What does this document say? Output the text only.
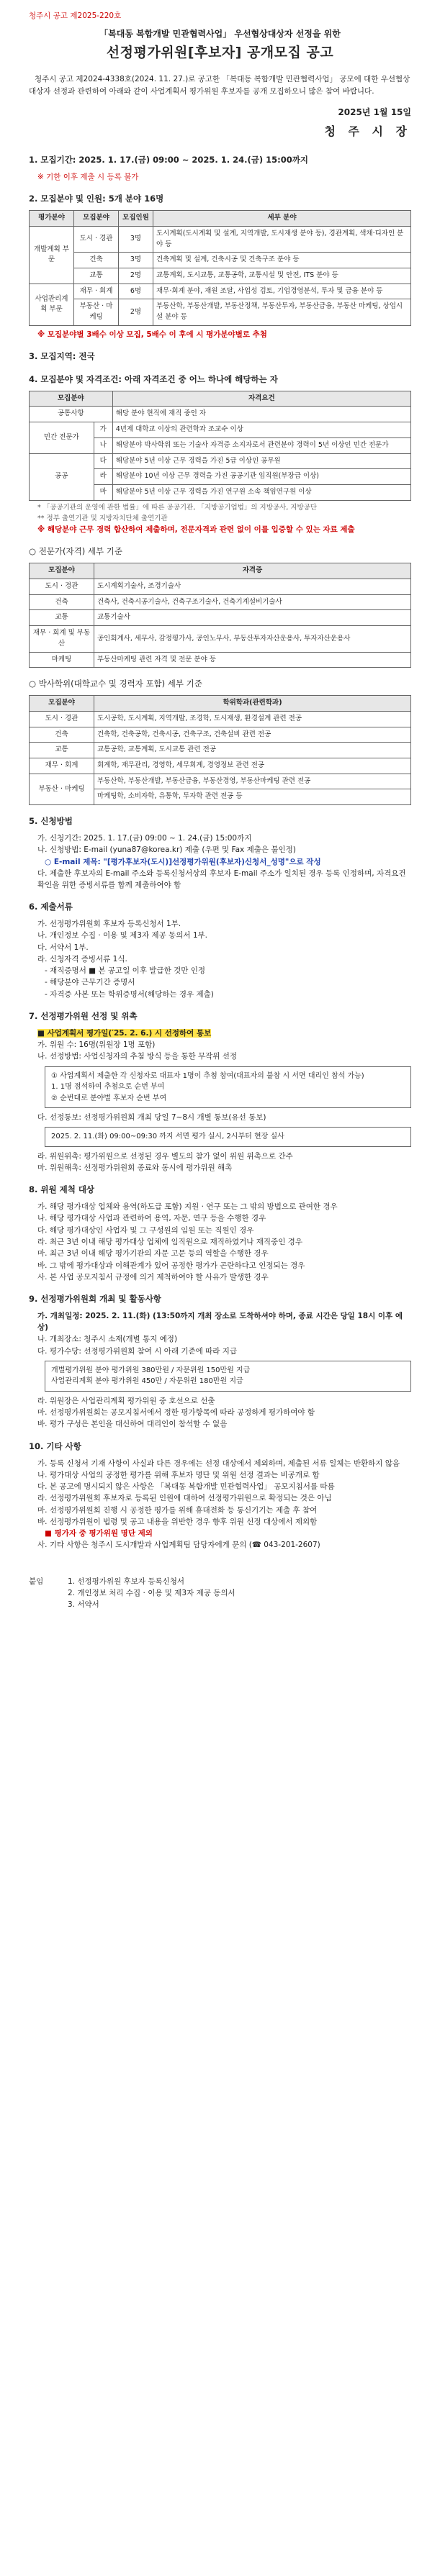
청주시 공고 제2025-220호
「복대동 복합개발 민관협력사업」 우선협상대상자 선정을 위한
선정평가위원[후보자] 공개모집 공고
청주시 공고 제2024-4338호(2024. 11. 27.)로 공고한 「복대동 복합개발 민관협력사업」 공모에 대한 우선협상대상자 선정과 관련하여 아래와 같이 사업계획서 평가위원 후보자를 공개 모집하오니 많은 참여 바랍니다.
2025년 1월 15일
청 주 시 장
1. 모집기간: 2025. 1. 17.(금) 09:00 ~ 2025. 1. 24.(금) 15:00까지
※ 기한 이후 제출 시 등록 불가
2. 모집분야 및 인원: 5개 분야 16명
평가분야	모집분야	모집인원	세부 분야
개발계획 부문	도시 · 경관	3명	도시계획(도시계획 및 설계, 지역개발, 도시재생 분야 등), 경관계획, 색채·디자인 분야 등
	건축	3명	건축계획 및 설계, 건축시공 및 건축구조 분야 등
	교통	2명	교통계획, 도시교통, 교통공학, 교통시설 및 안전, ITS 분야 등
사업관리계획 부문	재무 · 회계	6명	재무·회계 분야, 재원 조달, 사업성 검토, 기업경영분석, 투자 및 금융 분야 등
	부동산 · 마케팅	2명	부동산학, 부동산개발, 부동산정책, 부동산투자, 부동산금융, 부동산 마케팅, 상업시설 분야 등
※ 모집분야별 3배수 이상 모집, 5배수 이 후에 시 평가분야별로 추첨
3. 모집지역: 전국
4. 모집분야 및 자격조건: 아래 자격조건 중 어느 하나에 해당하는 자
모집분야		자격요건
공통사항		해당 분야 현직에 재직 중인 자
민간 전문가	가	4년제 대학교 이상의 관련학과 조교수 이상
	나	해당분야 박사학위 또는 기술사 자격증 소지자로서 관련분야 경력이 5년 이상인 민간 전문가
공공	다	해당분야 5년 이상 근무 경력을 가진 5급 이상인 공무원
	라	해당분야 10년 이상 근무 경력을 가진 공공기관 임직원(부장급 이상)
	마	해당분야 5년 이상 근무 경력을 가진 연구원 소속 책임연구원 이상
* 「공공기관의 운영에 관한 법률」에 따른 공공기관, 「지방공기업법」의 지방공사, 지방공단
** 정부 출연기관 및 지방자치단체 출연기관
※ 해당분야 근무 경력 합산하여 제출하며, 전문자격과 관련 없이 이를 입증할 수 있는 자료 제출
○ 전문가(자격) 세부 기준
모집분야	자격증
도시 · 경관	도시계획기술사, 조경기술사
건축	건축사, 건축시공기술사, 건축구조기술사, 건축기계설비기술사
교통	교통기술사
재무 · 회계 및 부동산	공인회계사, 세무사, 감정평가사, 공인노무사, 부동산투자자산운용사, 투자자산운용사
마케팅	부동산마케팅 관련 자격 및 전문 분야 등
○ 박사학위(대학교수 및 경력자 포함) 세부 기준
모집분야	학위학과(관련학과)
도시 · 경관	도시공학, 도시계획, 지역개발, 조경학, 도시재생, 환경설계 관련 전공
건축	건축학, 건축공학, 건축시공, 건축구조, 건축설비 관련 전공
교통	교통공학, 교통계획, 도시교통 관련 전공
재무 · 회계	회계학, 재무관리, 경영학, 세무회계, 경영정보 관련 전공
부동산 · 마케팅	부동산학, 부동산개발, 부동산금융, 부동산경영, 부동산마케팅 관련 전공
	마케팅학, 소비자학, 유통학, 투자학 관련 전공 등
5. 신청방법
가. 신청기간: 2025. 1. 17.(금) 09:00 ~ 1. 24.(금) 15:00까지
나. 신청방법: E-mail (yuna87@korea.kr) 제출 (우편 및 Fax 제출은 불인정)
○ E-mail 제목: "[평가후보자(도시)]선정평가위원(후보자)신청서_성명"으로 작성
다. 제출한 후보자의 E-mail 주소와 등록신청서상의 후보자 E-mail 주소가 일치된 경우 등록 인정하며, 자격요건 확인을 위한 증빙서류를 함께 제출하여야 함
6. 제출서류
가. 선정평가위원회 후보자 등록신청서 1부.
나. 개인정보 수집 · 이용 및 제3자 제공 동의서 1부.
다. 서약서 1부.
라. 신청자격 증빙서류 1식.
- 재직증명서 ■ 본 공고일 이후 발급한 것만 인정
- 해당분야 근무기간 증명서
- 자격증 사본 또는 학위증명서(해당하는 경우 제출)
7. 선정평가위원 선정 및 위촉
■ 사업계획서 평가일(′25. 2. 6.) 시 선정하여 통보
가. 위원 수: 16명(위원장 1명 포함)
나. 선정방법: 사업신청자의 추첨 방식 등을 통한 무작위 선정
① 사업계획서 제출한 각 신청자로 대표자 1명이 추첨 참여(대표자의 불참 시 서면 대리인 참석 가능)
1. 1명 점석하여 추첨으로 순번 부여
② 순번대로 분야별 후보자 순번 부여
다. 선정통보: 선정평가위원회 개최 당일 7~8시 개별 통보(유선 통보)
2025. 2. 11.(화) 09:00~09:30 까지 서면 평가 실시, 2시부터 현장 실사
라. 위원위촉: 평가위원으로 선정된 경우 별도의 참가 없이 위원 위촉으로 간주
마. 위원해촉: 선정평가위원회 종료와 동시에 평가위원 해촉
8. 위원 제척 대상
가. 해당 평가대상 업체와 용역(하도급 포함) 지원 · 연구 또는 그 밖의 방법으로 관여한 경우
나. 해당 평가대상 사업과 관련하여 용역, 자문, 연구 등을 수행한 경우
다. 해당 평가대상인 사업자 및 그 구성원의 임원 또는 직원인 경우
라. 최근 3년 이내 해당 평가대상 업체에 임직원으로 재직하였거나 재직중인 경우
마. 최근 3년 이내 해당 평가기관의 자문 고문 등의 역할을 수행한 경우
바. 그 밖에 평가대상과 이해관계가 있어 공정한 평가가 곤란하다고 인정되는 경우
사. 본 사업 공모지침서 규정에 의거 제척하여야 할 사유가 발생한 경우
9. 선정평가위원회 개최 및 활동사항
가. 개최일정: 2025. 2. 11.(화) (13:50까지 개최 장소로 도착하셔야 하며, 종료 시간은 당일 18시 이후 예상)
나. 개최장소: 청주시 소재(개별 통지 예정)
다. 평가수당: 선정평가위원회 참여 시 아래 기준에 따라 지급
개별평가위원 분야 평가위원 380만원 / 자문위원 150만원 지급
사업관리계획 분야 평가위원 450만 / 자문위원 180만원 지급
라. 위원장은 사업관리계획 평가위원 중 호선으로 선출
마. 선정평가위원회는 공모지침서에서 정한 평가항목에 따라 공정하게 평가하여야 함
바. 평가 구성은 본인을 대신하여 대리인이 참석할 수 없음
10. 기타 사항
가. 등록 신청서 기재 사항이 사실과 다른 경우에는 선정 대상에서 제외하며, 제출된 서류 일체는 반환하지 않음
나. 평가대상 사업의 공정한 평가를 위해 후보자 명단 및 위원 선정 결과는 비공개로 함
다. 본 공고에 명시되지 않은 사항은 「복대동 복합개발 민관협력사업」 공모지침서를 따름
라. 선정평가위원회 후보자로 등록된 인원에 대하여 선정평가위원으로 확정되는 것은 아님
마. 선정평가위원회 진행 시 공정한 평가를 위해 휴대전화 등 통신기기는 제출 후 참여
바. 선정평가위원이 법령 및 공고 내용을 위반한 경우 향후 위원 선정 대상에서 제외함
■ 평가자 중 평가위원 명단 제외
사. 기타 사항은 청주시 도시개발과 사업계획팀 담당자에게 문의 (☎ 043-201-2607)
붙임	1. 선정평가위원 후보자 등록신청서
2. 개인정보 처리 수집 · 이용 및 제3자 제공 동의서
3. 서약서
